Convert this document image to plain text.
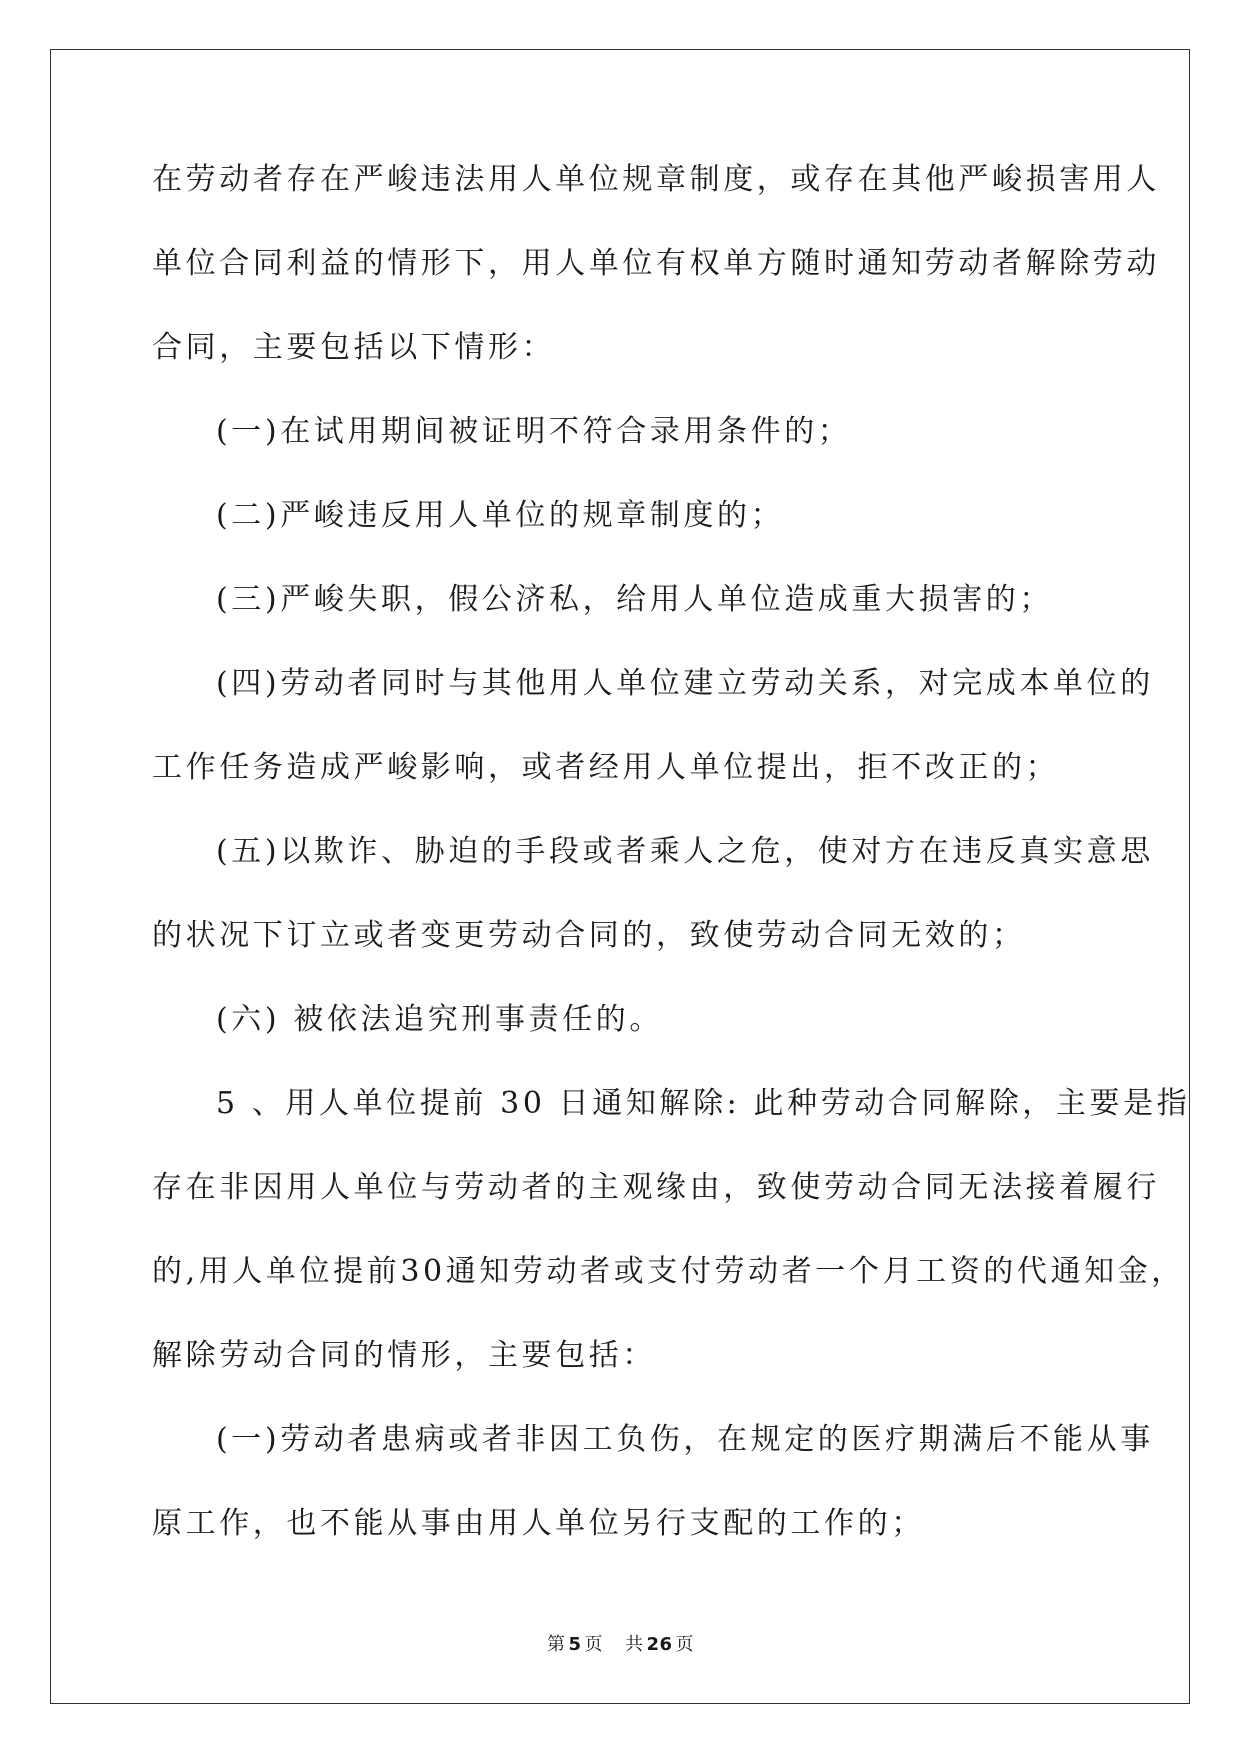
在劳动者存在严峻违法用人单位规章制度，或存在其他严峻损害用人
单位合同利益的情形下，用人单位有权单方随时通知劳动者解除劳动
合同，主要包括以下情形：
(一)在试用期间被证明不符合录用条件的；
(二)严峻违反用人单位的规章制度的；
(三)严峻失职，假公济私，给用人单位造成重大损害的；
(四)劳动者同时与其他用人单位建立劳动关系，对完成本单位的
工作任务造成严峻影响，或者经用人单位提出，拒不改正的；
(五)以欺诈、胁迫的手段或者乘人之危，使对方在违反真实意思
的状况下订立或者变更劳动合同的，致使劳动合同无效的；
(六) 被依法追究刑事责任的。
5 、用人单位提前 30 日通知解除: 此种劳动合同解除，主要是指
存在非因用人单位与劳动者的主观缘由，致使劳动合同无法接着履行
的,用人单位提前30通知劳动者或支付劳动者一个月工资的代通知金，
解除劳动合同的情形，主要包括：
(一)劳动者患病或者非因工负伤，在规定的医疗期满后不能从事
原工作，也不能从事由用人单位另行支配的工作的；
第 5 页 共 26 页
